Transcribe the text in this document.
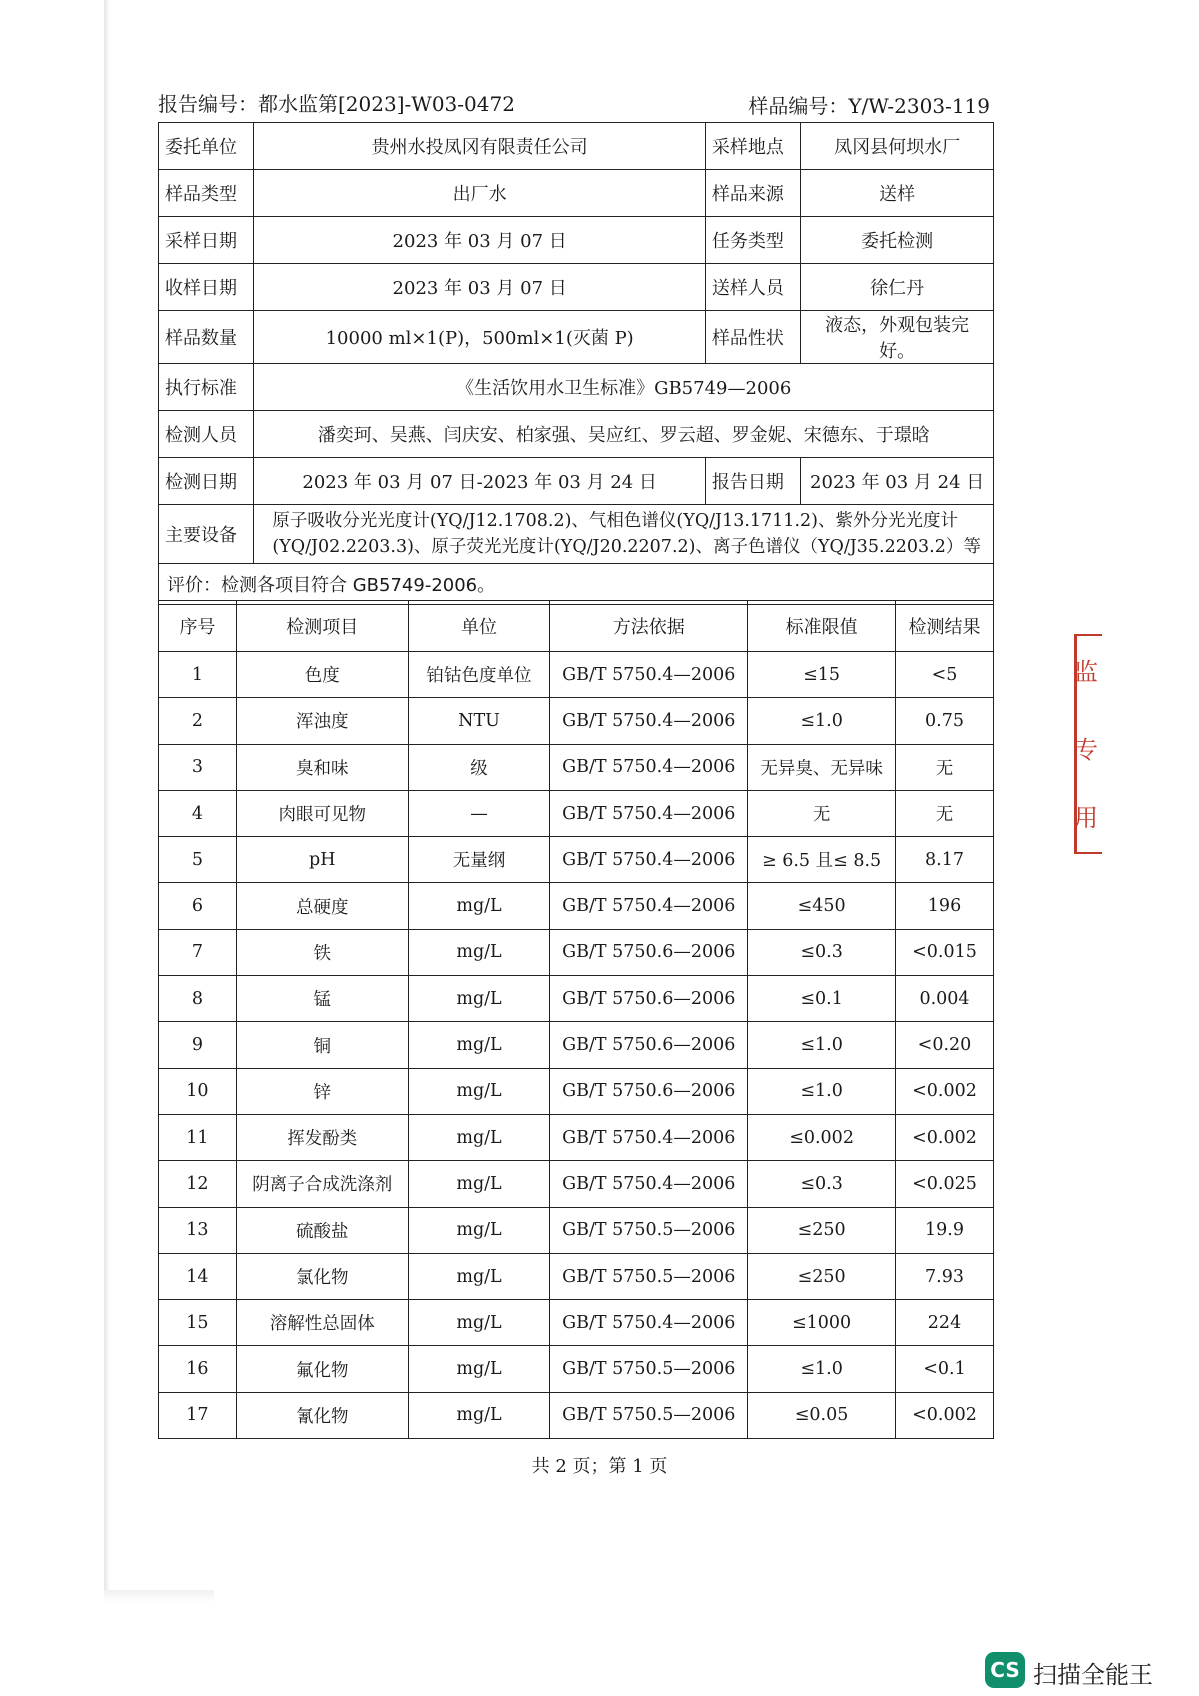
报告编号：都水监第[2023]-W03-0472	样品编号：Y/W-2303-119
委托单位	贵州水投凤冈有限责任公司	采样地点	凤冈县何坝水厂
样品类型	出厂水	样品来源	送样
采样日期	2023 年 03 月 07 日	任务类型	委托检测
收样日期	2023 年 03 月 07 日	送样人员	徐仁丹
样品数量	10000 ml×1(P)，500ml×1(灭菌 P)	样品性状	液态，外观包装完好。
执行标准	《生活饮用水卫生标准》GB5749—2006		
检测人员	潘奕珂、吴燕、闫庆安、柏家强、吴应红、罗云超、罗金妮、宋德东、于璟晗		
检测日期	2023 年 03 月 07 日-2023 年 03 月 24 日	报告日期	2023 年 03 月 24 日
主要设备	原子吸收分光光度计(YQ/J12.1708.2)、气相色谱仪(YQ/J13.1711.2)、紫外分光光度计
(YQ/J02.2203.3)、原子荧光光度计(YQ/J20.2207.2)、离子色谱仪（YQ/J35.2203.2）等		

评价：检测各项目符合 GB5749-2006。			
序号	检测项目	单位	方法依据	标准限值	检测结果
1	色度	铂钴色度单位	GB/T 5750.4—2006	≤15	<5
2	浑浊度	NTU	GB/T 5750.4—2006	≤1.0	0.75
3	臭和味	级	GB/T 5750.4—2006	无异臭、无异味	无
4	肉眼可见物	—	GB/T 5750.4—2006	无	无
5	pH	无量纲	GB/T 5750.4—2006	≥ 6.5 且≤ 8.5	8.17
6	总硬度	mg/L	GB/T 5750.4—2006	≤450	196
7	铁	mg/L	GB/T 5750.6—2006	≤0.3	<0.015
8	锰	mg/L	GB/T 5750.6—2006	≤0.1	0.004
9	铜	mg/L	GB/T 5750.6—2006	≤1.0	<0.20
10	锌	mg/L	GB/T 5750.6—2006	≤1.0	<0.002
11	挥发酚类	mg/L	GB/T 5750.4—2006	≤0.002	<0.002
12	阴离子合成洗涤剂	mg/L	GB/T 5750.4—2006	≤0.3	<0.025
13	硫酸盐	mg/L	GB/T 5750.5—2006	≤250	19.9
14	氯化物	mg/L	GB/T 5750.5—2006	≤250	7.93
15	溶解性总固体	mg/L	GB/T 5750.4—2006	≤1000	224
16	氟化物	mg/L	GB/T 5750.5—2006	≤1.0	<0.1
17	氰化物	mg/L	GB/T 5750.5—2006	≤0.05	<0.002
共 2 页；第 1 页
监
专
用
CS 扫描全能王
